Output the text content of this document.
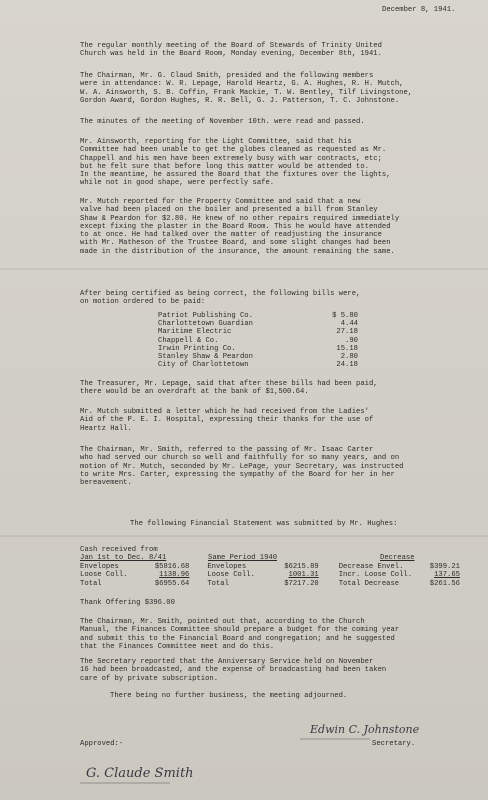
December 8, 1941.
The regular monthly meeting of the Board of Stewards of Trinity United
Church was held in the Board Room, Monday evening, December 8th, 1941.
The Chairman, Mr. G. Claud Smith, presided and the following members
were in attendance: W. R. Lepage, Harold Heartz, G. A. Hughes, R. H. Mutch,
W. A. Ainsworth, S. B. Coffin, Frank Mackie, T. W. Bentley, Tilf Livingstone,
Gordon Award, Gordon Hughes, R. R. Bell, G. J. Patterson, T. C. Johnstone.
The minutes of the meeting of November 10th. were read and passed.
Mr. Ainsworth, reporting for the Light Committee, said that his
Committee had been unable to get the globes cleaned as requested as Mr.
Chappell and his men have been extremely busy with war contracts, etc;
but he felt sure that before long this matter would be attended to.
In the meantime, he assured the Board that the fixtures over the lights,
while not in good shape, were perfectly safe.
Mr. Mutch reported for the Property Committee and said that a new
valve had been placed on the boiler and presented a bill from Stanley
Shaw & Peardon for $2.80. He knew of no other repairs required immediately
except fixing the plaster in the Board Room. This he would have attended
to at once. He had talked over the matter of readjusting the insurance
with Mr. Matheson of the Trustee Board, and some slight changes had been
made in the distribution of the insurance, the amount remaining the same.
After being certified as being correct, the following bills were,
on motion ordered to be paid:
Patriot Publishing Co.	$ 5.80
Charlottetown Guardian	4.44
Maritime Electric	27.18
Chappell & Co.	.90
Irwin Printing Co.	15.18
Stanley Shaw & Peardon	2.80
City of Charlottetown	24.18
The Treasurer, Mr. Lepage, said that after these bills had been paid,
there would be an overdraft at the bank of $1,500.64.
Mr. Mutch submitted a letter which he had received from the Ladies'
Aid of the P. E. I. Hospital, expressing their thanks for the use of
Heartz Hall.
The Chairman, Mr. Smith, referred to the passing of Mr. Isaac Carter
who had served our church so well and faithfully for so many years, and on
motion of Mr. Mutch, seconded by Mr. LePage, your Secretary, was instructed
to write Mrs. Carter, expressing the sympathy of the Board for her in her
bereavement.
The following Financial Statement was submitted by Mr. Hughes:
Cash received from
Jan 1st to Dec. 8/41	Same Period 1940	Decrease
Envelopes	$5816.68	Envelopes	$6215.89	Decrease Envel.	$399.21
Loose Coll.	1138.96	Loose Coll.	1001.31	Incr. Loose Coll.	137.65
Total	$6955.64	Total	$7217.20	Total Decrease	$261.56
Thank Offering $396.00
The Chairman, Mr. Smith, pointed out that, according to the Church
Manual, the Finances Committee should prepare a budget for the coming year
and submit this to the Financial Board and congregation; and he suggested
that the Finances Committee meet and do this.
The Secretary reported that the Anniversary Service held on November
16 had been broadcasted, and the expense of broadcasting had been taken
care of by private subscription.
There being no further business, the meeting adjourned.
Edwin C. Johnstone
Secretary.
Approved:-
G. Claude Smith
